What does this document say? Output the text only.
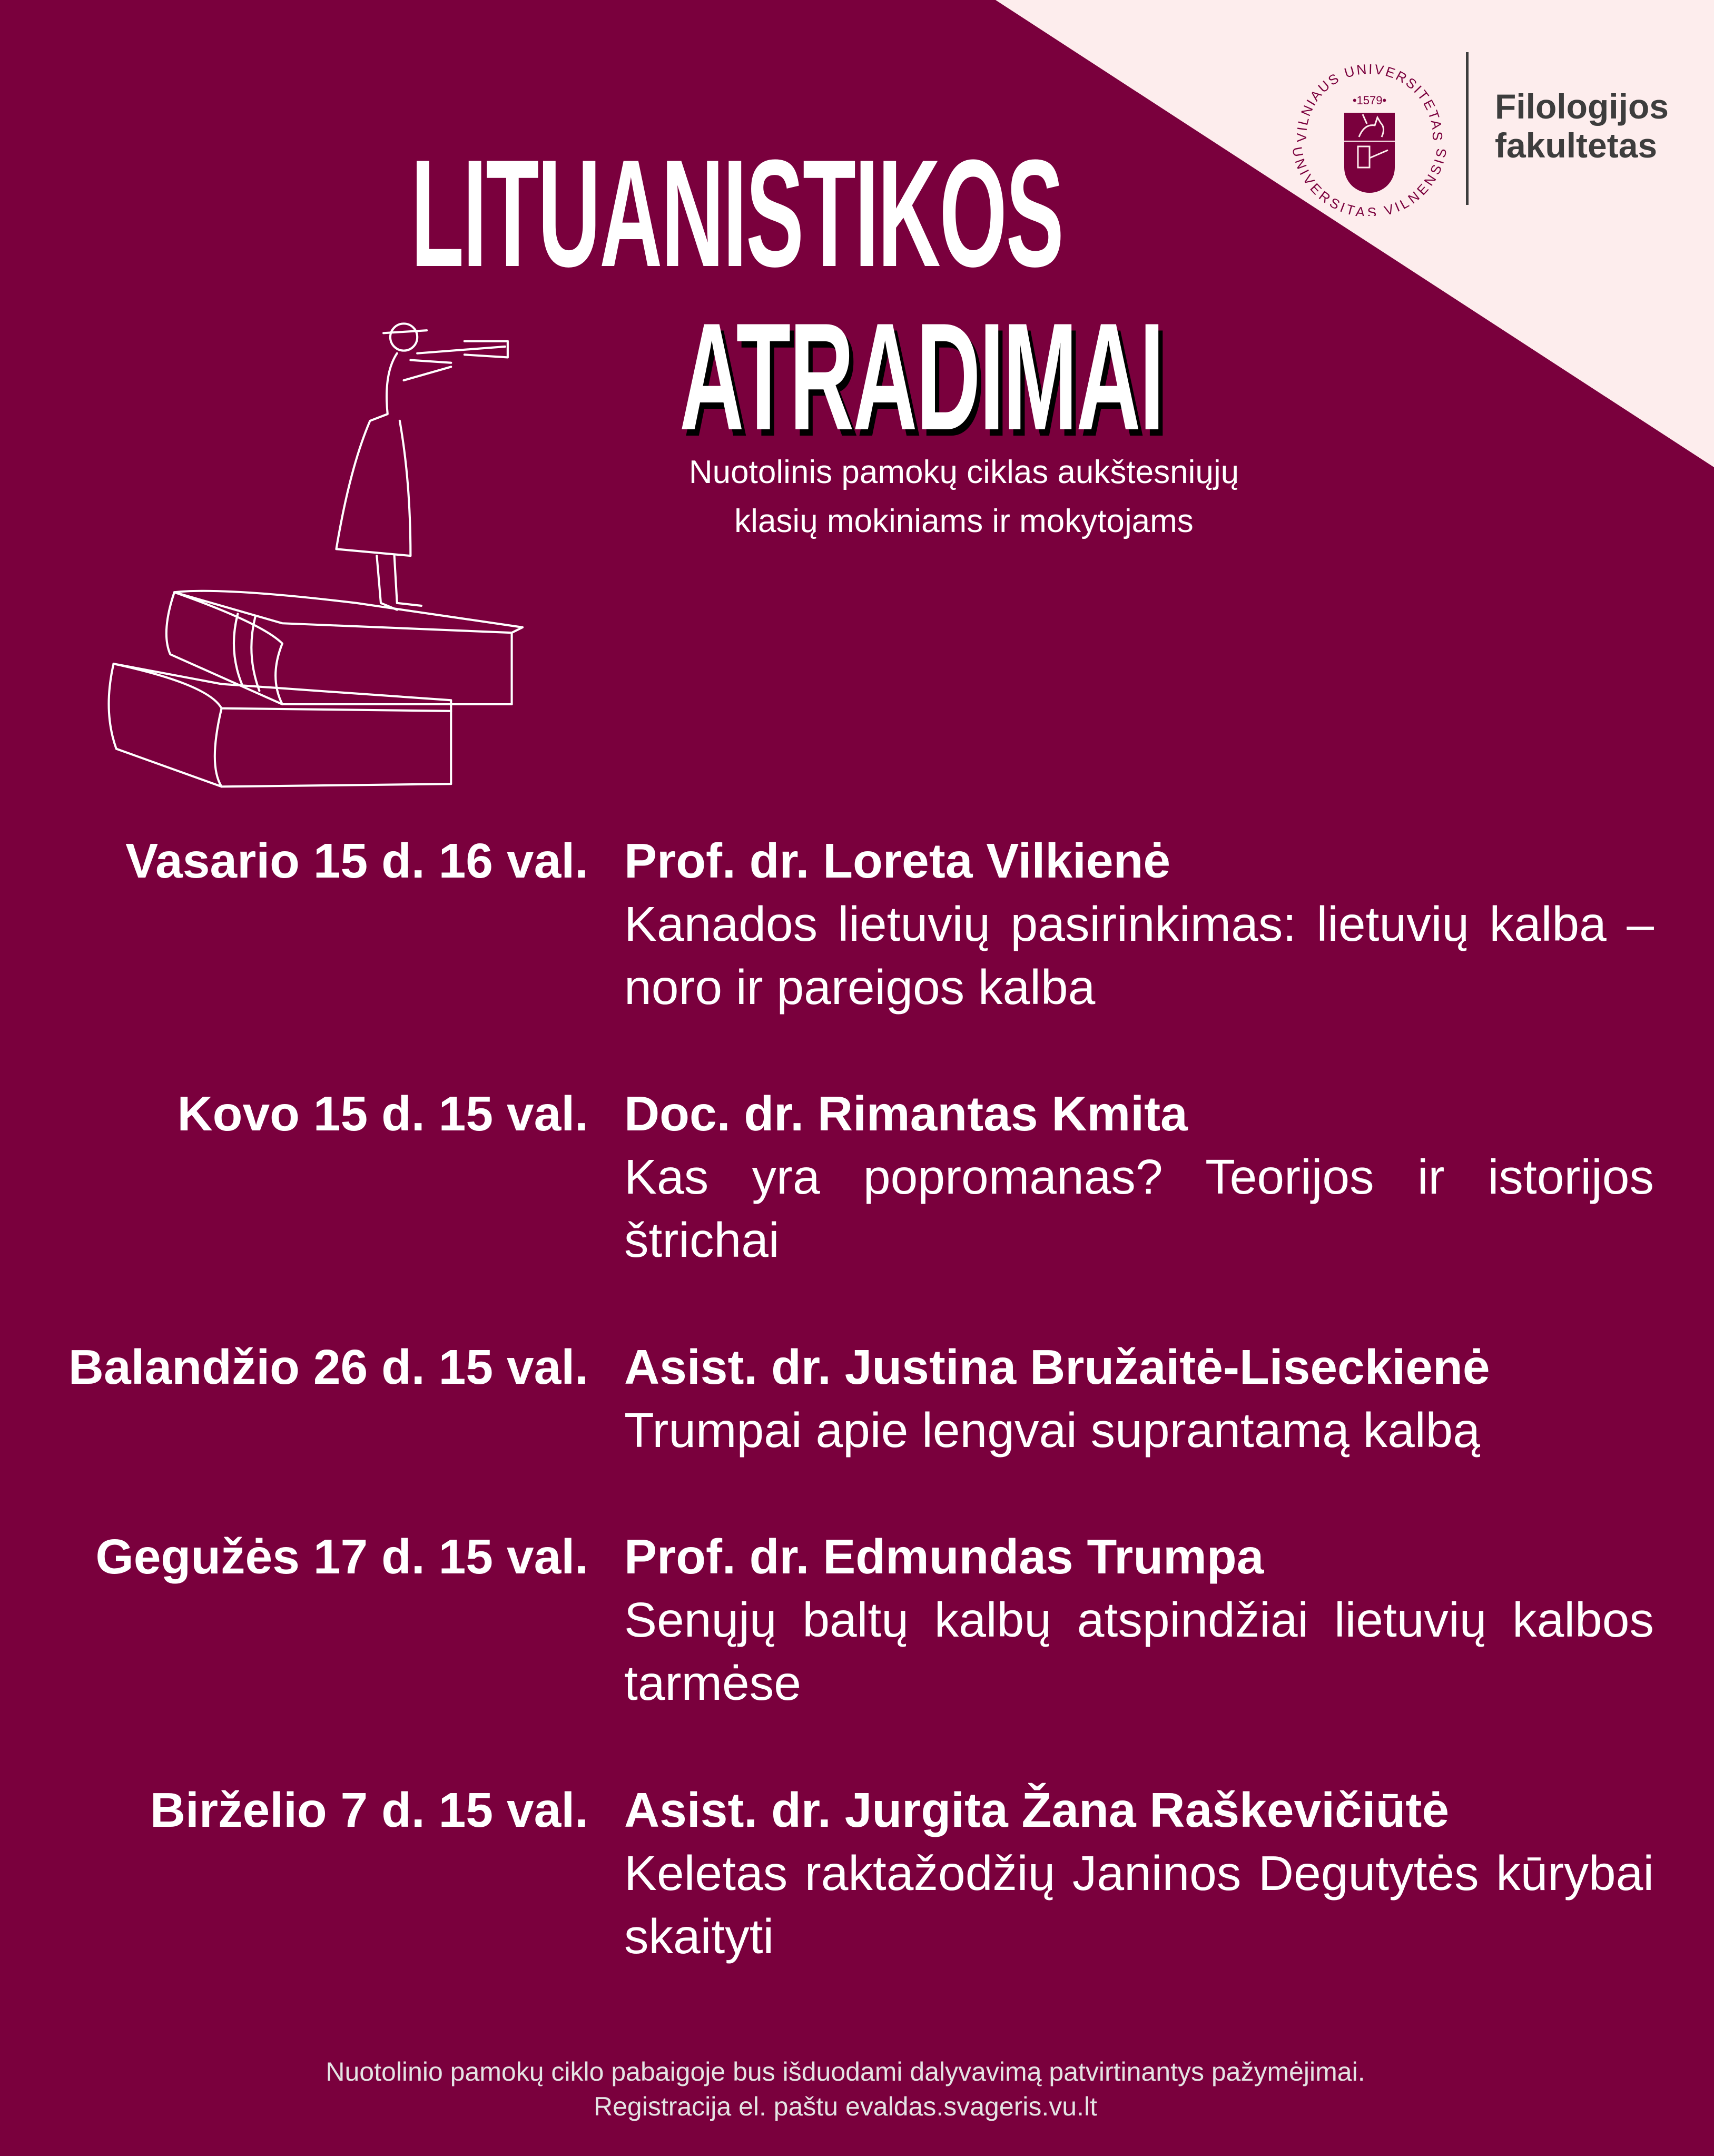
VILNIAUS UNIVERSITETAS
UNIVERSITAS VILNENSIS
•1579•	Filologijos
fakultetas
LITUANISTIKOS
ATRADIMAI
Nuotolinis pamokų ciklas aukštesniųjų
klasių mokiniams ir mokytojams
Vasario 15 d. 16 val. Prof. dr. Loreta Vilkienė
Kanados lietuvių pasirinkimas: lietuvių kalba –
noro ir pareigos kalba
Kovo 15 d. 15 val. Doc. dr. Rimantas Kmita
Kas yra popromanas? Teorijos ir istorijos
štrichai
Balandžio 26 d. 15 val. Asist. dr. Justina Bružaitė-Liseckienė
Trumpai apie lengvai suprantamą kalbą
Gegužės 17 d. 15 val. Prof. dr. Edmundas Trumpa
Senųjų baltų kalbų atspindžiai lietuvių kalbos
tarmėse
Birželio 7 d. 15 val. Asist. dr. Jurgita Žana Raškevičiūtė
Keletas raktažodžių Janinos Degutytės kūrybai
skaityti
Nuotolinio pamokų ciklo pabaigoje bus išduodami dalyvavimą patvirtinantys pažymėjimai.
Registracija el. paštu evaldas.svageris.vu.lt
